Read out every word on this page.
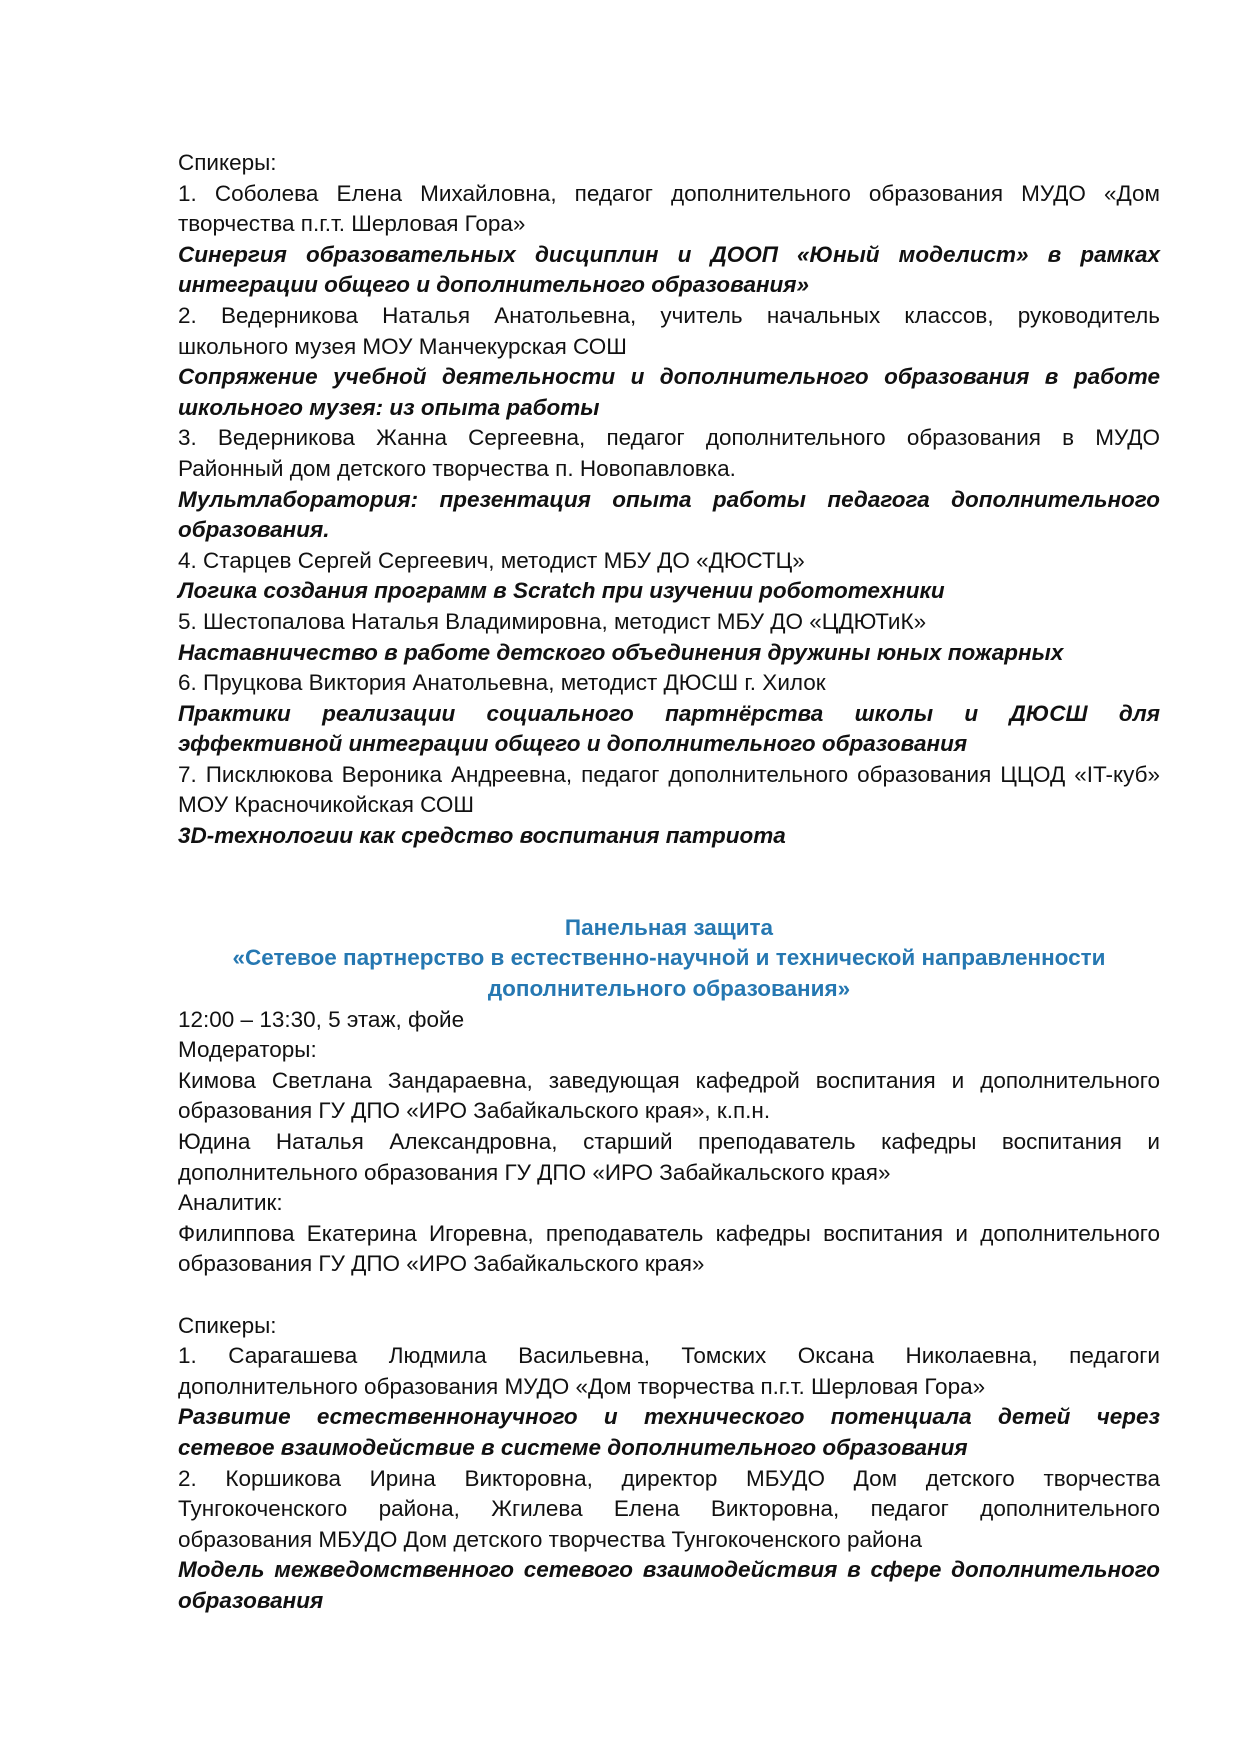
Спикеры:
1. Соболева Елена Михайловна, педагог дополнительного образования МУДО «Дом
творчества п.г.т. Шерловая Гора»
Синергия образовательных дисциплин и ДООП «Юный моделист» в рамках
интеграции общего и дополнительного образования»
2. Ведерникова Наталья Анатольевна, учитель начальных классов, руководитель
школьного музея МОУ Манчекурская СОШ
Сопряжение учебной деятельности и дополнительного образования в работе
школьного музея: из опыта работы
3. Ведерникова Жанна Сергеевна, педагог дополнительного образования в МУДО
Районный дом детского творчества п. Новопавловка.
Мультлаборатория: презентация опыта работы педагога дополнительного
образования.
4. Старцев Сергей Сергеевич, методист МБУ ДО «ДЮСТЦ»
Логика создания программ в Scratch при изучении робототехники
5. Шестопалова Наталья Владимировна, методист МБУ ДО «ЦДЮТиК»
Наставничество в работе детского объединения дружины юных пожарных
6. Пруцкова Виктория Анатольевна, методист ДЮСШ г. Хилок
Практики реализации социального партнёрства школы и ДЮСШ для
эффективной интеграции общего и дополнительного образования
7. Писклюкова Вероника Андреевна, педагог дополнительного образования ЦЦОД «IT-куб»
МОУ Красночикойская СОШ
3D-технологии как средство воспитания патриота
Панельная защита
«Сетевое партнерство в естественно-научной и технической направленности
дополнительного образования»
12:00 – 13:30, 5 этаж, фойе
Модераторы:
Кимова Светлана Зандараевна, заведующая кафедрой воспитания и дополнительного
образования ГУ ДПО «ИРО Забайкальского края», к.п.н.
Юдина Наталья Александровна, старший преподаватель кафедры воспитания и
дополнительного образования ГУ ДПО «ИРО Забайкальского края»
Аналитик:
Филиппова Екатерина Игоревна, преподаватель кафедры воспитания и дополнительного
образования ГУ ДПО «ИРО Забайкальского края»
Спикеры:
1. Сарагашева Людмила Васильевна, Томских Оксана Николаевна, педагоги
дополнительного образования МУДО «Дом творчества п.г.т. Шерловая Гора»
Развитие естественнонаучного и технического потенциала детей через
сетевое взаимодействие в системе дополнительного образования
2. Коршикова Ирина Викторовна, директор МБУДО Дом детского творчества
Тунгокоченского района, Жгилева Елена Викторовна, педагог дополнительного
образования МБУДО Дом детского творчества Тунгокоченского района
Модель межведомственного сетевого взаимодействия в сфере дополнительного
образования
